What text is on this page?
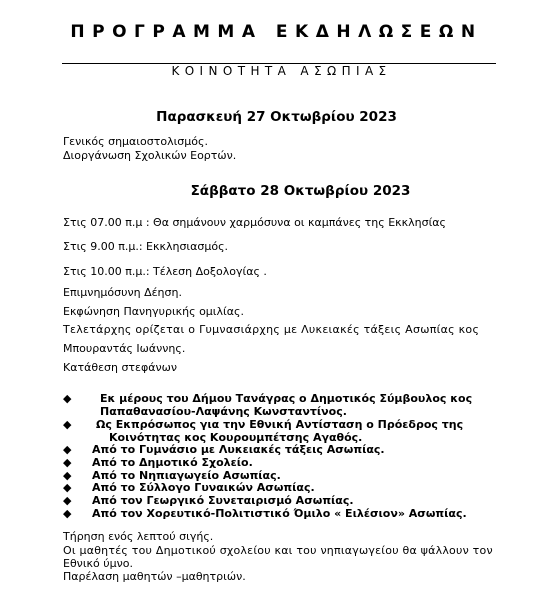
ΠΡΟΓΡΑΜΜΑ ΕΚΔΗΛΩΣΕΩΝ
ΚΟΙΝΟΤΗΤΑ ΑΣΩΠΙΑΣ
Παρασκευή 27 Οκτωβρίου 2023
Γενικός σημαιοστολισμός.
Διοργάνωση Σχολικών Εορτών.
Σάββατο 28 Οκτωβρίου 2023
Στις 07.00 π.μ : Θα σημάνουν χαρμόσυνα οι καμπάνες της Εκκλησίας
Στις 9.00 π.μ.: Εκκλησιασμός.
Στις 10.00 π.μ.: Τέλεση Δοξολογίας .
Επιμνημόσυνη Δέηση.
Εκφώνηση Πανηγυρικής ομιλίας.
Τελετάρχης ορίζεται ο Γυμνασιάρχης με Λυκειακές τάξεις Ασωπίας κος
Μπουραντάς Ιωάννης.
Κατάθεση στεφάνων
◆	Εκ μέρους του Δήμου Τανάγρας ο Δημοτικός Σύμβουλος κος
Παπαθανασίου-Λαψάνης Κωνσταντίνος.
◆ Ως Εκπρόσωπος για την Εθνική Αντίσταση ο Πρόεδρος της
Κοινότητας κος Κουρουμπέτσης Αγαθός.
◆ Από το Γυμνάσιο με Λυκειακές τάξεις Ασωπίας.
◆ Από το Δημοτικό Σχολείο.
◆ Από το Νηπιαγωγείο Ασωπίας.
◆ Από το Σύλλογο Γυναικών Ασωπίας.
◆ Από τον Γεωργικό Συνεταιρισμό Ασωπίας.
◆ Από τον Χορευτικό-Πολιτιστικό Όμιλο « Ειλέσιον» Ασωπίας.
Τήρηση ενός λεπτού σιγής.
Οι μαθητές του Δημοτικού σχολείου και του νηπιαγωγείου θα ψάλλουν τον
Εθνικό ύμνο.
Παρέλαση μαθητών –μαθητριών.
